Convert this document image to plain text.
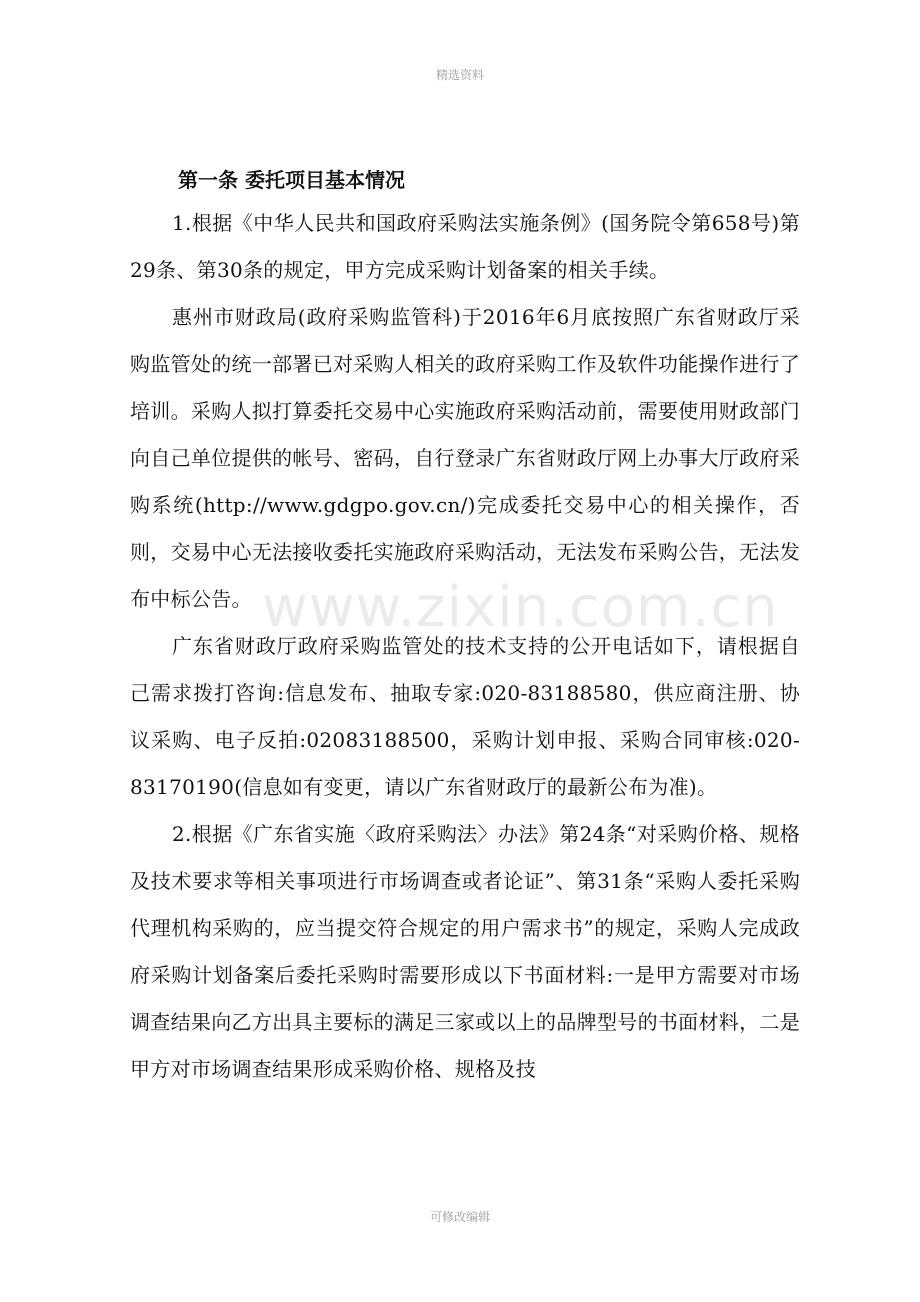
精选资料
www.zixin.com.cn

第一条 委托项目基本情况

1.根据《中华人民共和国政府采购法实施条例》(国务院令第658号)第29条、第30条的规定，甲方完成采购计划备案的相关手续。

惠州市财政局(政府采购监管科)于2016年6月底按照广东省财政厅采购监管处的统一部署已对采购人相关的政府采购工作及软件功能操作进行了培训。采购人拟打算委托交易中心实施政府采购活动前，需要使用财政部门向自己单位提供的帐号、密码，自行登录广东省财政厅网上办事大厅政府采购系统(http://www.gdgpo.gov.cn/)完成委托交易中心的相关操作，否则，交易中心无法接收委托实施政府采购活动，无法发布采购公告，无法发布中标公告。

广东省财政厅政府采购监管处的技术支持的公开电话如下，请根据自己需求拨打咨询:信息发布、抽取专家:020-83188580，供应商注册、协议采购、电子反拍:02083188500，采购计划申报、采购合同审核:020-83170190(信息如有变更，请以广东省财政厅的最新公布为准)。

2.根据《广东省实施〈政府采购法〉办法》第24条“对采购价格、规格及技术要求等相关事项进行市场调查或者论证”、第31条“采购人委托采购代理机构采购的，应当提交符合规定的用户需求书”的规定，采购人完成政府采购计划备案后委托采购时需要形成以下书面材料:一是甲方需要对市场调查结果向乙方出具主要标的满足三家或以上的品牌型号的书面材料，二是甲方对市场调查结果形成采购价格、规格及技

可修改编辑
